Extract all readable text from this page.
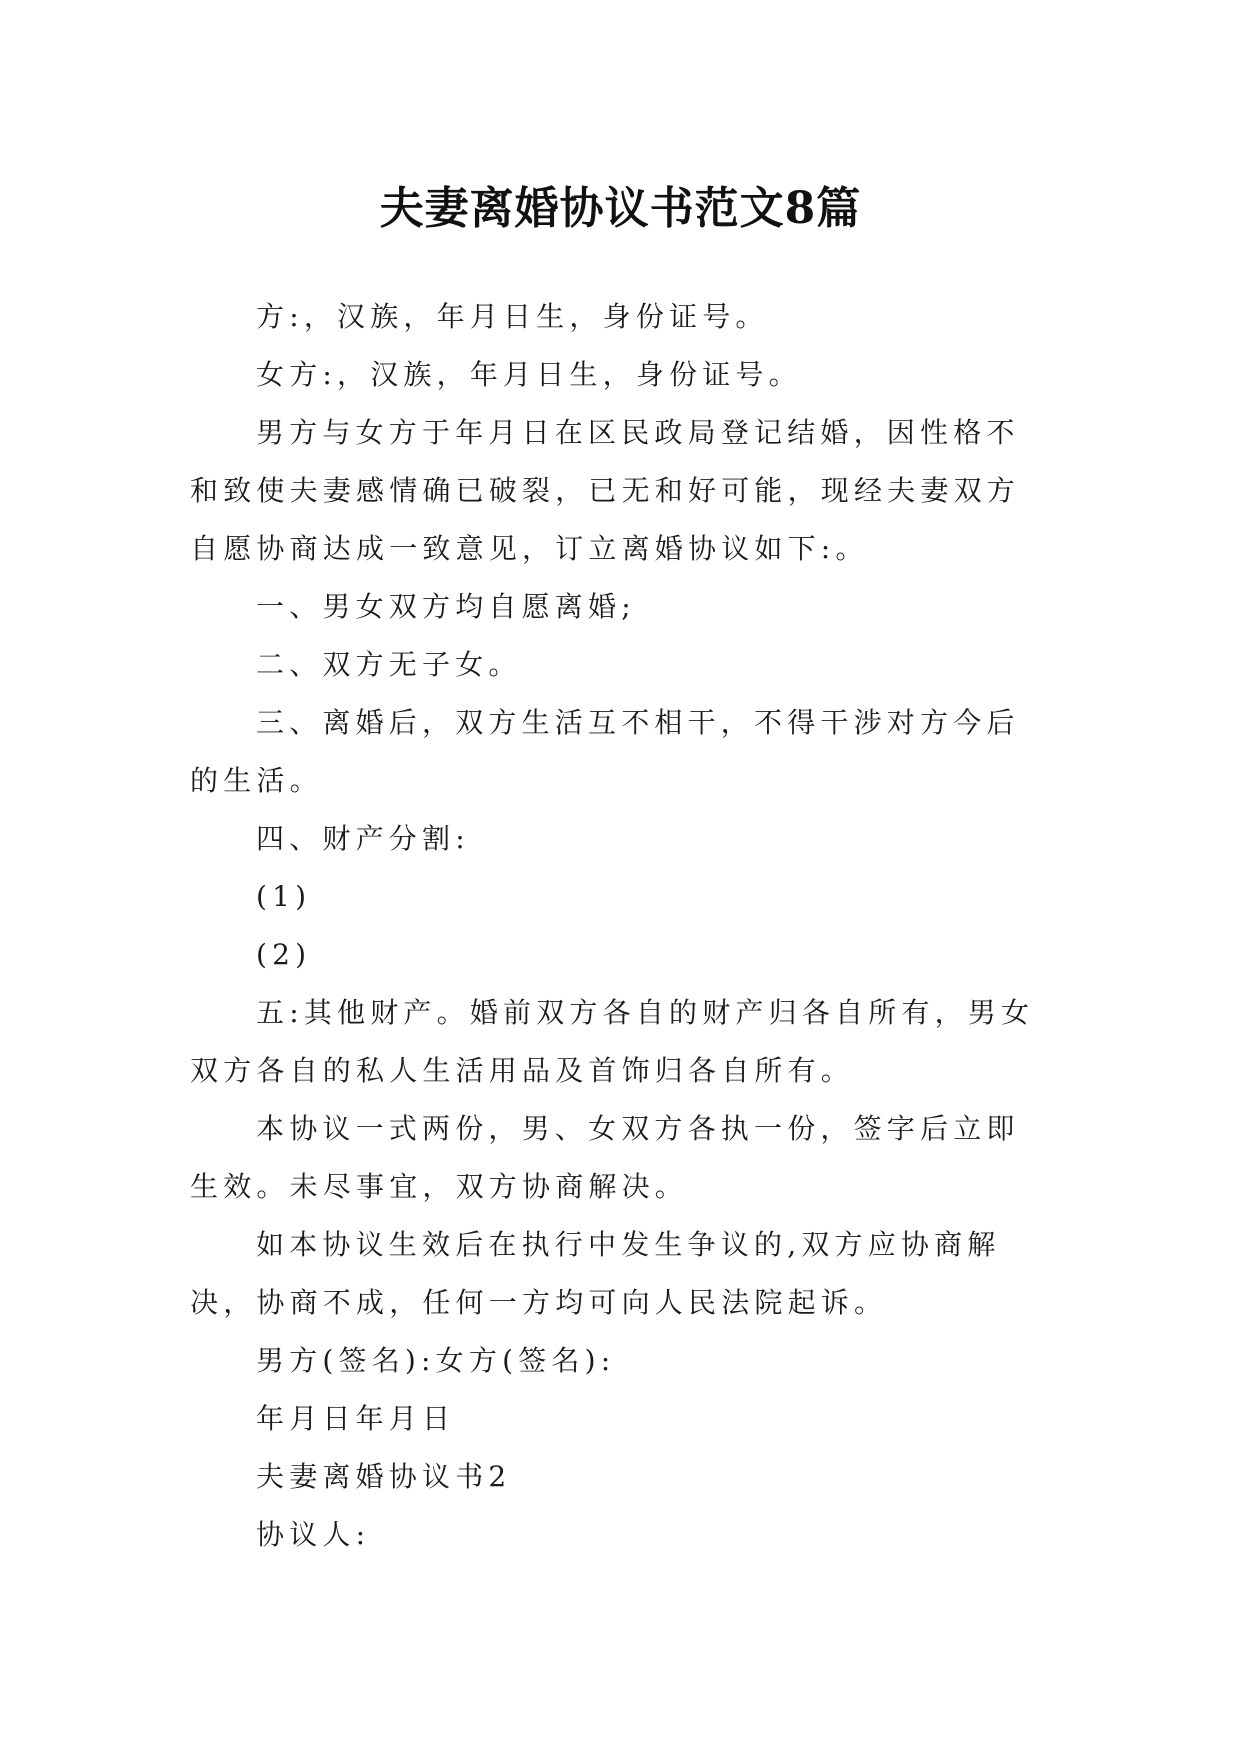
夫妻离婚协议书范文8篇

方:，汉族，年月日生，身份证号。

女方:，汉族，年月日生，身份证号。

男方与女方于年月日在区民政局登记结婚，因性格不和致使夫妻感情确已破裂，已无和好可能，现经夫妻双方自愿协商达成一致意见，订立离婚协议如下:。

一、男女双方均自愿离婚;

二、双方无子女。

三、离婚后，双方生活互不相干，不得干涉对方今后的生活。

四、财产分割:

(1)

(2)

五:其他财产。婚前双方各自的财产归各自所有，男女双方各自的私人生活用品及首饰归各自所有。

本协议一式两份，男、女双方各执一份，签字后立即生效。未尽事宜，双方协商解决。

如本协议生效后在执行中发生争议的,双方应协商解决，协商不成，任何一方均可向人民法院起诉。

男方(签名):女方(签名):

年月日年月日

夫妻离婚协议书2

协议人:
